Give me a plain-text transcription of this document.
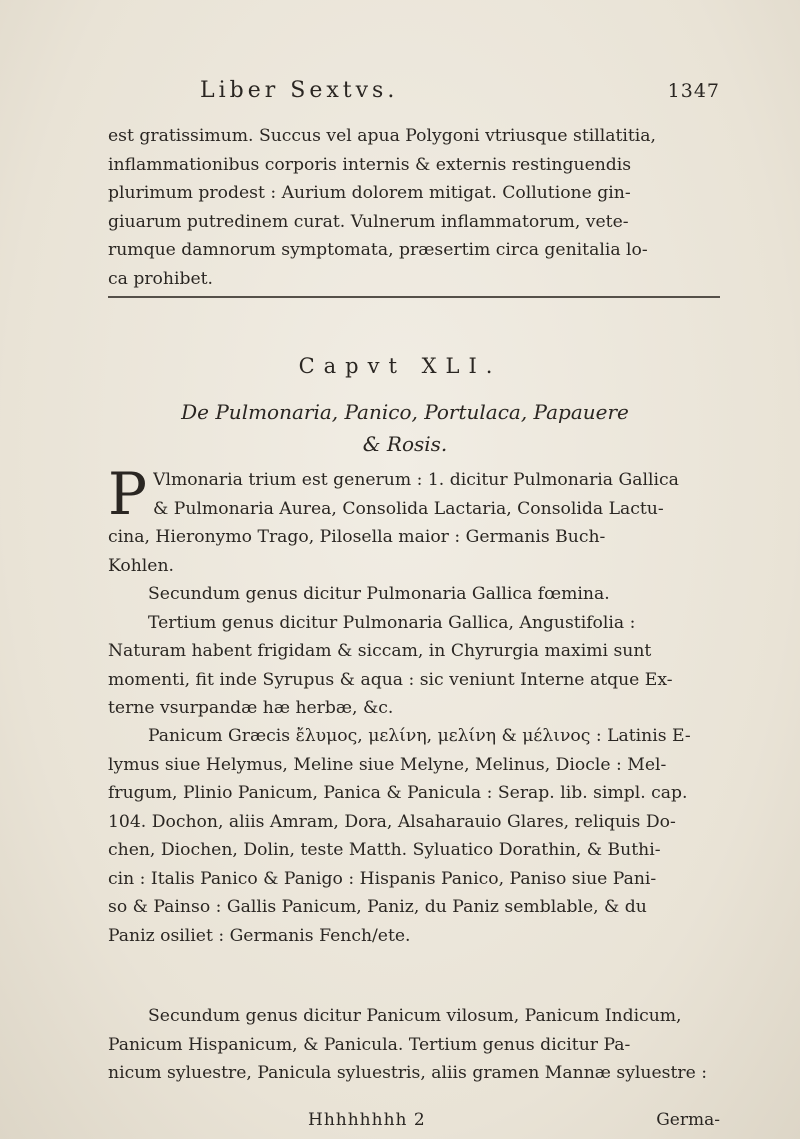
Liber Sextvs.	1347
est gratissimum. Succus vel apua Polygoni vtriusque stillatitia,
inflammationibus corporis internis & externis restinguendis
plurimum prodest : Aurium dolorem mitigat. Collutione gin-
giuarum putredinem curat. Vulnerum inflammatorum, vete-
rumque damnorum symptomata, præsertim circa genitalia lo-
ca prohibet.
Capvt XLI.
De Pulmonaria, Panico, Portulaca, Papauere
& Rosis.
P Vlmonaria trium est generum : 1. dicitur Pulmonaria Gallica
& Pulmonaria Aurea, Consolida Lactaria, Consolida Lactu-
cina, Hieronymo Trago, Pilosella maior : Germanis Buch-
Kohlen.
Secundum genus dicitur Pulmonaria Gallica fœmina.
Tertium genus dicitur Pulmonaria Gallica, Angustifolia :
Naturam habent frigidam & siccam, in Chyrurgia maximi sunt
momenti, fit inde Syrupus & aqua : sic veniunt Interne atque Ex-
terne vsurpandæ hæ herbæ, &c.
Panicum Græcis ἔλυμος, μελίνη, μελίνη & μέλινος : Latinis E-
lymus siue Helymus, Meline siue Melyne, Melinus, Diocle : Mel-
frugum, Plinio Panicum, Panica & Panicula : Serap. lib. simpl. cap.
104. Dochon, aliis Amram, Dora, Alsaharauio Glares, reliquis Do-
chen, Diochen, Dolin, teste Matth. Syluatico Dorathin, & Buthi-
cin : Italis Panico & Panigo : Hispanis Panico, Paniso siue Pani-
so & Painso : Gallis Panicum, Paniz, du Paniz semblable, & du
Paniz osiliet : Germanis Fench/ete.
Secundum genus dicitur Panicum vilosum, Panicum Indicum,
Panicum Hispanicum, & Panicula. Tertium genus dicitur Pa-
nicum syluestre, Panicula syluestris, aliis gramen Mannæ syluestre :
Hhhhhhhh 2	Germa-
